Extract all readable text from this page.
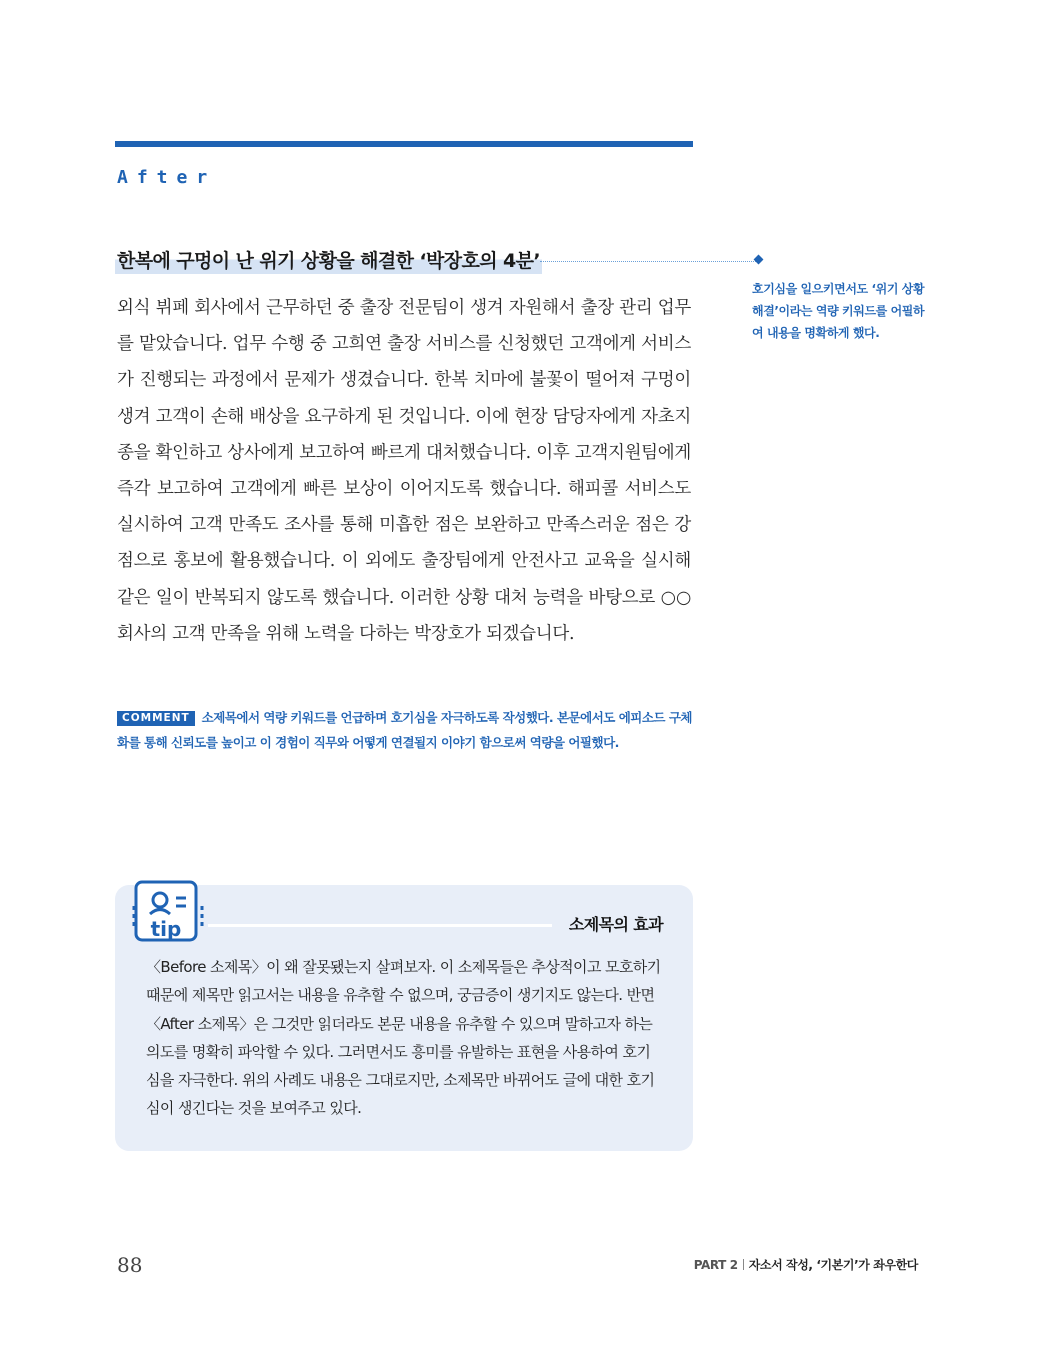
After
한복에 구멍이 난 위기 상황을 해결한 ‘박장호의 4분’
호기심을 일으키면서도 ‘위기 상황 해결’이라는 역량 키워드를 어필하여 내용을 명확하게 했다.

외식 뷔페 회사에서 근무하던 중 출장 전문팀이 생겨 자원해서 출장 관리 업무를 맡았습니다. 업무 수행 중 고희연 출장 서비스를 신청했던 고객에게 서비스가 진행되는 과정에서 문제가 생겼습니다. 한복 치마에 불꽃이 떨어져 구멍이 생겨 고객이 손해 배상을 요구하게 된 것입니다. 이에 현장 담당자에게 자초지종을 확인하고 상사에게 보고하여 빠르게 대처했습니다. 이후 고객지원팀에게 즉각 보고하여 고객에게 빠른 보상이 이어지도록 했습니다. 해피콜 서비스도 실시하여 고객 만족도 조사를 통해 미흡한 점은 보완하고 만족스러운 점은 강점으로 홍보에 활용했습니다. 이 외에도 출장팀에게 안전사고 교육을 실시해 같은 일이 반복되지 않도록 했습니다. 이러한 상황 대처 능력을 바탕으로 ○○ 회사의 고객 만족을 위해 노력을 다하는 박장호가 되겠습니다.

COMMENT 소제목에서 역량 키워드를 언급하며 호기심을 자극하도록 작성했다. 본문에서도 에피소드 구체화를 통해 신뢰도를 높이고 이 경험이 직무와 어떻게 연결될지 이야기 함으로써 역량을 어필했다.

tip	소제목의 효과

〈Before 소제목〉이 왜 잘못됐는지 살펴보자. 이 소제목들은 추상적이고 모호하기 때문에 제목만 읽고서는 내용을 유추할 수 없으며, 궁금증이 생기지도 않는다. 반면 〈After 소제목〉은 그것만 읽더라도 본문 내용을 유추할 수 있으며 말하고자 하는 의도를 명확히 파악할 수 있다. 그러면서도 흥미를 유발하는 표현을 사용하여 호기심을 자극한다. 위의 사례도 내용은 그대로지만, 소제목만 바뀌어도 글에 대한 호기심이 생긴다는 것을 보여주고 있다.

88	PART 2 자소서 작성, ‘기본기’가 좌우한다
